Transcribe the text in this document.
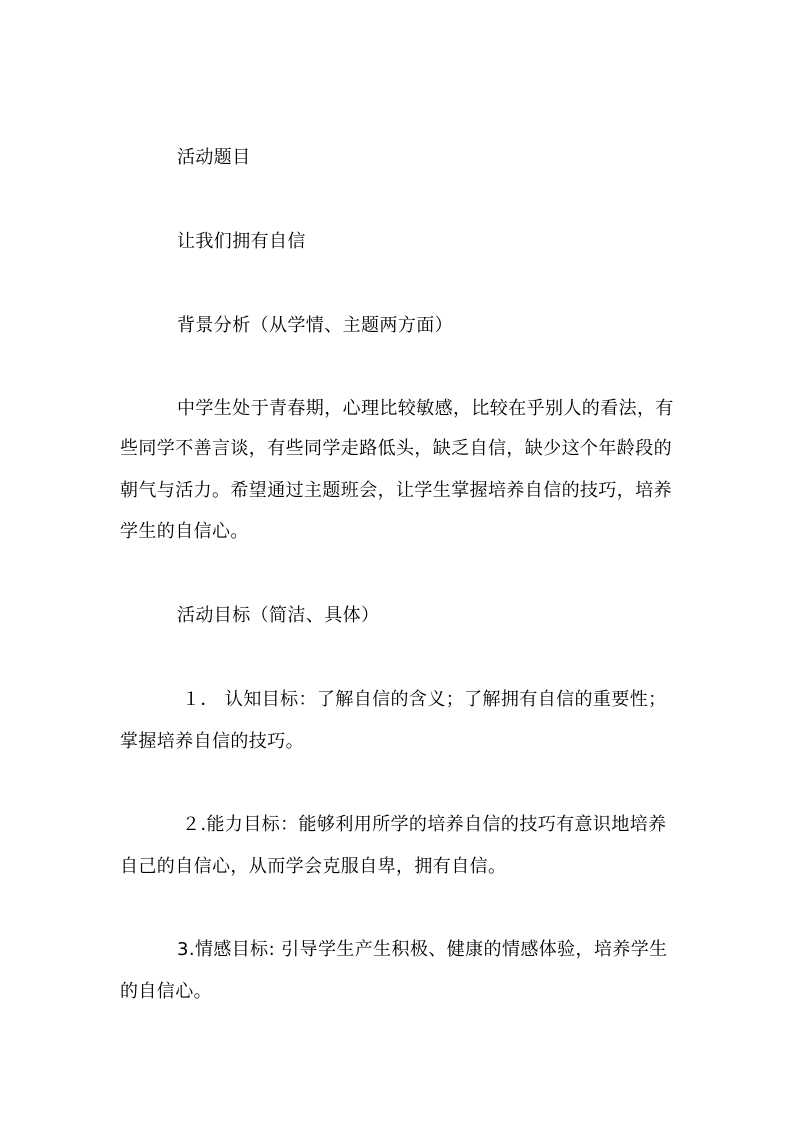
活动题目
让我们拥有自信
背景分析（从学情、主题两方面）
中学生处于青春期，心理比较敏感，比较在乎别人的看法，有
些同学不善言谈，有些同学走路低头，缺乏自信，缺少这个年龄段的
朝气与活力。希望通过主题班会，让学生掌握培养自信的技巧，培养
学生的自信心。
活动目标（简洁、具体）
１． 认知目标：了解自信的含义；了解拥有自信的重要性；
掌握培养自信的技巧。
２.能力目标：能够利用所学的培养自信的技巧有意识地培养
自己的自信心，从而学会克服自卑，拥有自信。
3.情感目标: 引导学生产生积极、健康的情感体验，培养学生
的自信心。
